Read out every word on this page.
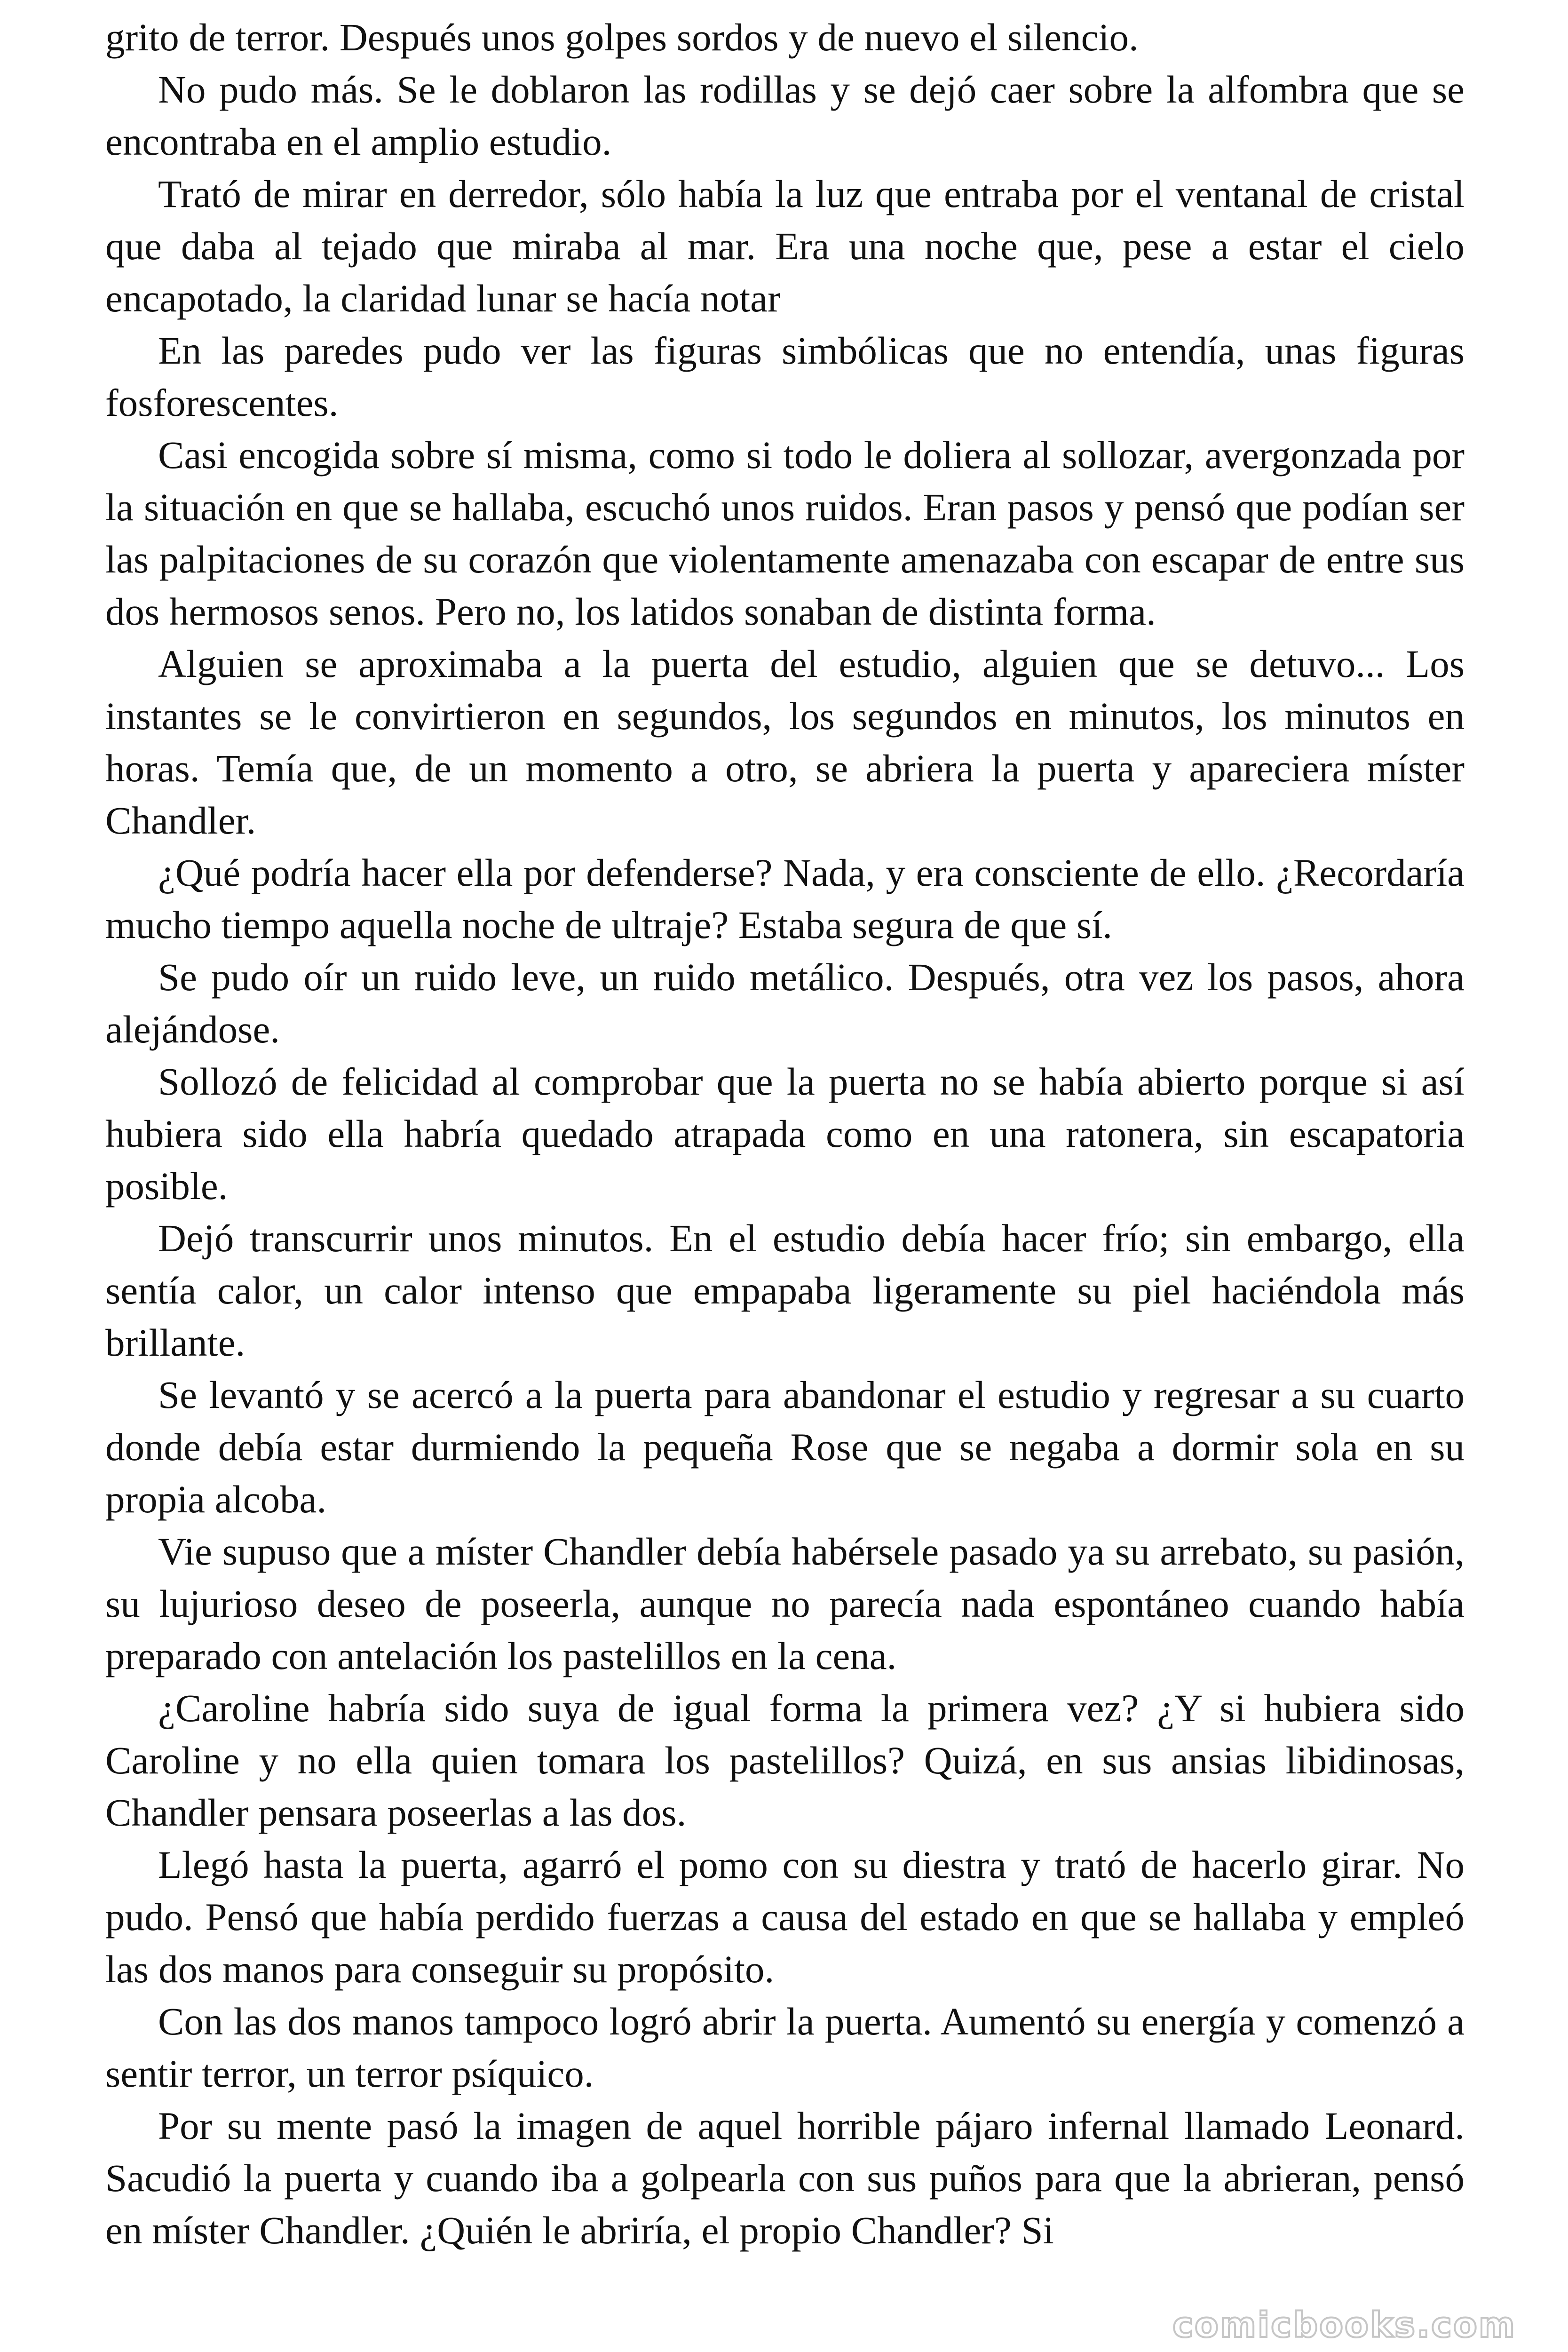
grito de terror. Después unos golpes sordos y de nuevo el silencio.

No pudo más. Se le doblaron las rodillas y se dejó caer sobre la alfombra que se encontraba en el amplio estudio.

Trató de mirar en derredor, sólo había la luz que entraba por el ventanal de cristal que daba al tejado que miraba al mar. Era una noche que, pese a estar el cielo encapotado, la claridad lunar se hacía notar

En las paredes pudo ver las figuras simbólicas que no entendía, unas figuras fosforescentes.

Casi encogida sobre sí misma, como si todo le doliera al sollozar, avergonzada por la situación en que se hallaba, escuchó unos ruidos. Eran pasos y pensó que podían ser las palpitaciones de su corazón que violentamente amenazaba con escapar de entre sus dos hermosos senos. Pero no, los latidos sonaban de distinta forma.

Alguien se aproximaba a la puerta del estudio, alguien que se detuvo... Los instantes se le convirtieron en segundos, los segundos en minutos, los minutos en horas. Temía que, de un momento a otro, se abriera la puerta y apareciera míster Chandler.

¿Qué podría hacer ella por defenderse? Nada, y era consciente de ello. ¿Recordaría mucho tiempo aquella noche de ultraje? Estaba segura de que sí.

Se pudo oír un ruido leve, un ruido metálico. Después, otra vez los pasos, ahora alejándose.

Sollozó de felicidad al comprobar que la puerta no se había abierto porque si así hubiera sido ella habría quedado atrapada como en una ratonera, sin escapatoria posible.

Dejó transcurrir unos minutos. En el estudio debía hacer frío; sin embargo, ella sentía calor, un calor intenso que empapaba ligeramente su piel haciéndola más brillante.

Se levantó y se acercó a la puerta para abandonar el estudio y regresar a su cuarto donde debía estar durmiendo la pequeña Rose que se negaba a dormir sola en su propia alcoba.

Vie supuso que a míster Chandler debía habérsele pasado ya su arrebato, su pasión, su lujurioso deseo de poseerla, aunque no parecía nada espontáneo cuando había preparado con antelación los pastelillos en la cena.

¿Caroline habría sido suya de igual forma la primera vez? ¿Y si hubiera sido Caroline y no ella quien tomara los pastelillos? Quizá, en sus ansias libidinosas, Chandler pensara poseerlas a las dos.

Llegó hasta la puerta, agarró el pomo con su diestra y trató de hacerlo girar. No pudo. Pensó que había perdido fuerzas a causa del estado en que se hallaba y empleó las dos manos para conseguir su propósito.

Con las dos manos tampoco logró abrir la puerta. Aumentó su energía y comenzó a sentir terror, un terror psíquico.

Por su mente pasó la imagen de aquel horrible pájaro infernal llamado Leonard. Sacudió la puerta y cuando iba a golpearla con sus puños para que la abrieran, pensó en míster Chandler. ¿Quién le abriría, el propio Chandler? Si

comicbooks.com
